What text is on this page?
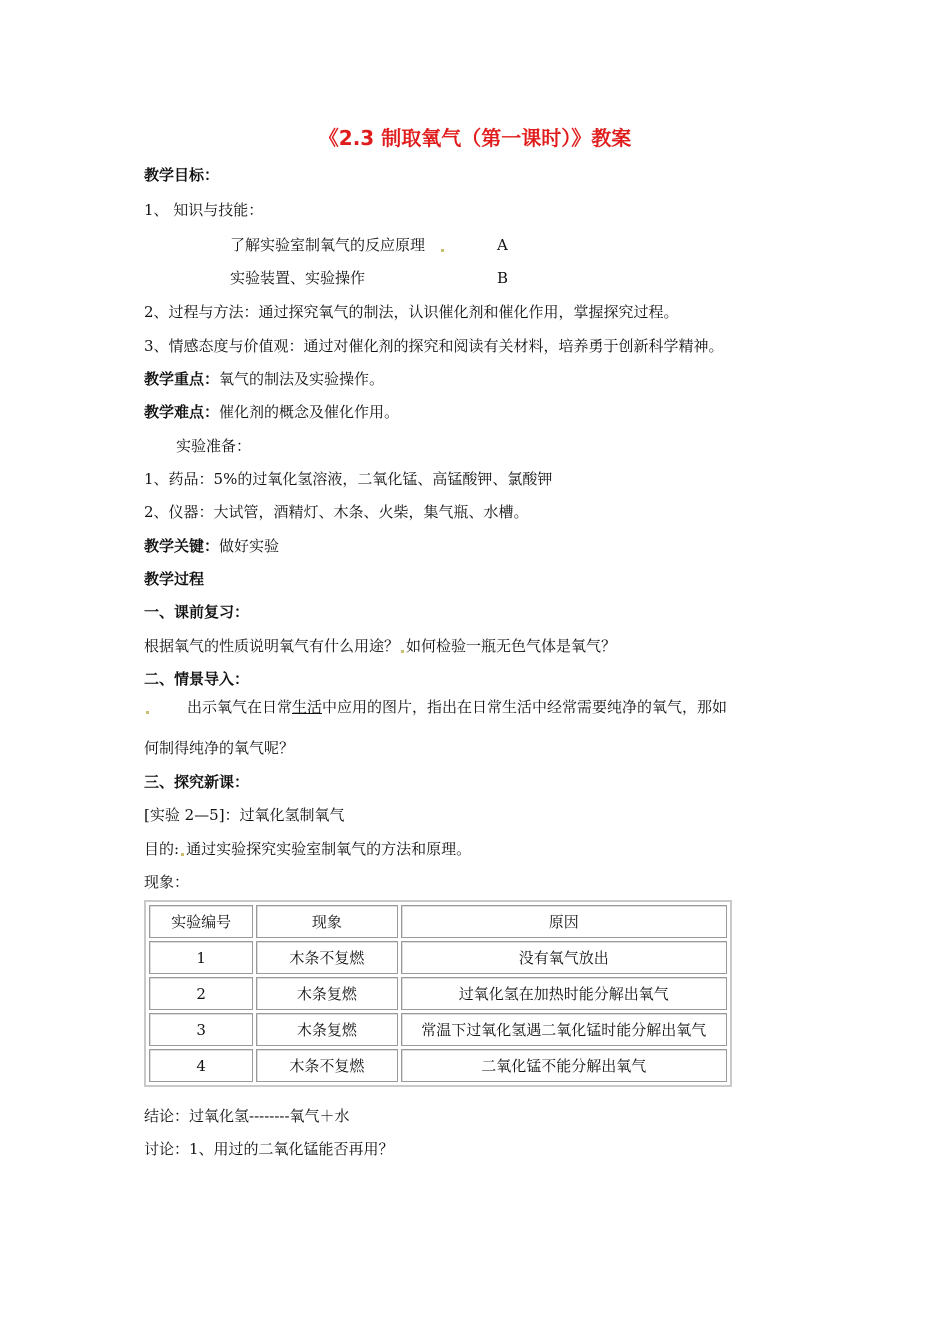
《2.3 制取氧气（第一课时）》教案
教学目标：
1、 知识与技能：
了解实验室制氧气的反应原理	A
实验装置、实验操作	B
2、过程与方法：通过探究氧气的制法，认识催化剂和催化作用，掌握探究过程。
3、情感态度与价值观：通过对催化剂的探究和阅读有关材料，培养勇于创新科学精神。
教学重点：氧气的制法及实验操作。
教学难点：催化剂的概念及催化作用。
实验准备：
1、药品：5%的过氧化氢溶液，二氧化锰、高锰酸钾、氯酸钾
2、仪器：大试管，酒精灯、木条、火柴，集气瓶、水槽。
教学关键：做好实验
教学过程
一、课前复习：
根据氧气的性质说明氧气有什么用途？ 如何检验一瓶无色气体是氧气？
二、情景导入：
出示氧气在日常生活中应用的图片，指出在日常生活中经常需要纯净的氧气，那如
何制得纯净的氧气呢？
三、探究新课：
[实验 2—5]：过氧化氢制氧气
目的: 通过实验探究实验室制氧气的方法和原理。
现象：
实验编号	现象	原因
1	木条不复燃	没有氧气放出
2	木条复燃	过氧化氢在加热时能分解出氧气
3	木条复燃	常温下过氧化氢遇二氧化锰时能分解出氧气
4	木条不复燃	二氧化锰不能分解出氧气
结论：过氧化氢--------氧气＋水
讨论：1、用过的二氧化锰能否再用？
